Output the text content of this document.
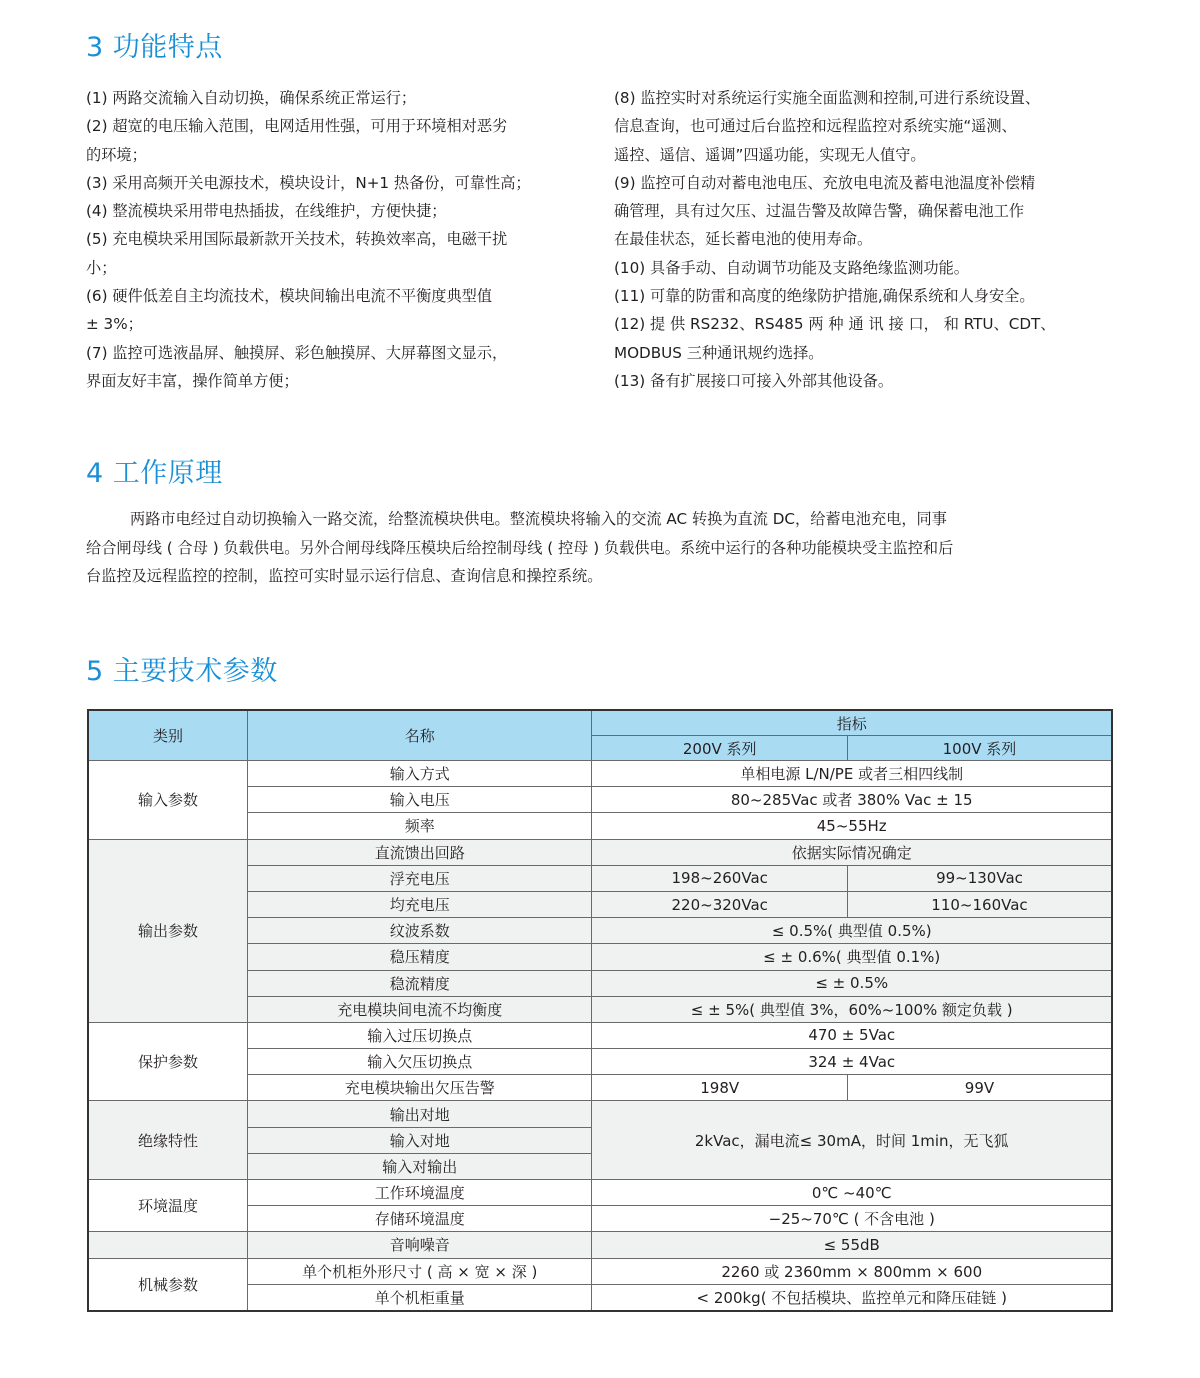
3 功能特点

(1) 两路交流输入自动切换，确保系统正常运行；

(2) 超宽的电压输入范围，电网适用性强，可用于环境相对恶劣

的环境；

(3) 采用高频开关电源技术，模块设计，N+1 热备份，可靠性高；

(4) 整流模块采用带电热插拔，在线维护，方便快捷；

(5) 充电模块采用国际最新款开关技术，转换效率高，电磁干扰

小；

(6) 硬件低差自主均流技术，模块间输出电流不平衡度典型值

± 3%；

(7) 监控可选液晶屏、触摸屏、彩色触摸屏、大屏幕图文显示，

界面友好丰富，操作简单方便；

(8) 监控实时对系统运行实施全面监测和控制,可进行系统设置、

信息查询，也可通过后台监控和远程监控对系统实施“遥测、

遥控、遥信、遥调”四遥功能，实现无人值守。

(9) 监控可自动对蓄电池电压、充放电电流及蓄电池温度补偿精

确管理，具有过欠压、过温告警及故障告警，确保蓄电池工作

在最佳状态，延长蓄电池的使用寿命。

(10) 具备手动、自动调节功能及支路绝缘监测功能。

(11) 可靠的防雷和高度的绝缘防护措施,确保系统和人身安全。

(12) 提 供 RS232、RS485 两 种 通 讯 接 口， 和 RTU、CDT、

MODBUS 三种通讯规约选择。

(13) 备有扩展接口可接入外部其他设备。

4 工作原理

两路市电经过自动切换输入一路交流，给整流模块供电。整流模块将输入的交流 AC 转换为直流 DC，给蓄电池充电，同事
给合闸母线 ( 合母 ) 负载供电。另外合闸母线降压模块后给控制母线 ( 控母 ) 负载供电。系统中运行的各种功能模块受主监控和后
台监控及远程监控的控制，监控可实时显示运行信息、查询信息和操控系统。

5 主要技术参数
类别	名称	指标	
		200V 系列	100V 系列
输入参数	输入方式	单相电源 L/N/PE 或者三相四线制	
	输入电压	80~285Vac 或者 380% Vac ± 15	
	频率	45~55Hz	
输出参数	直流馈出回路	依据实际情况确定	
	浮充电压	198~260Vac	99~130Vac
	均充电压	220~320Vac	110~160Vac
	纹波系数	≤ 0.5%( 典型值 0.5%)	
	稳压精度	≤ ± 0.6%( 典型值 0.1%)	
	稳流精度	≤ ± 0.5%	
	充电模块间电流不均衡度	≤ ± 5%( 典型值 3%，60%~100% 额定负载 )	
保护参数	输入过压切换点	470 ± 5Vac	
	输入欠压切换点	324 ± 4Vac	
	充电模块输出欠压告警	198V	99V
绝缘特性	输出对地	2kVac，漏电流≤ 30mA，时间 1min，无飞狐	
	输入对地		
	输入对输出		
环境温度	工作环境温度	0℃ ~40℃	
	存储环境温度	−25~70℃ ( 不含电池 )	
	音响噪音	≤ 55dB	
机械参数	单个机柜外形尺寸 ( 高 × 宽 × 深 )	2260 或 2360mm × 800mm × 600	
	单个机柜重量	< 200kg( 不包括模块、监控单元和降压硅链 )	
